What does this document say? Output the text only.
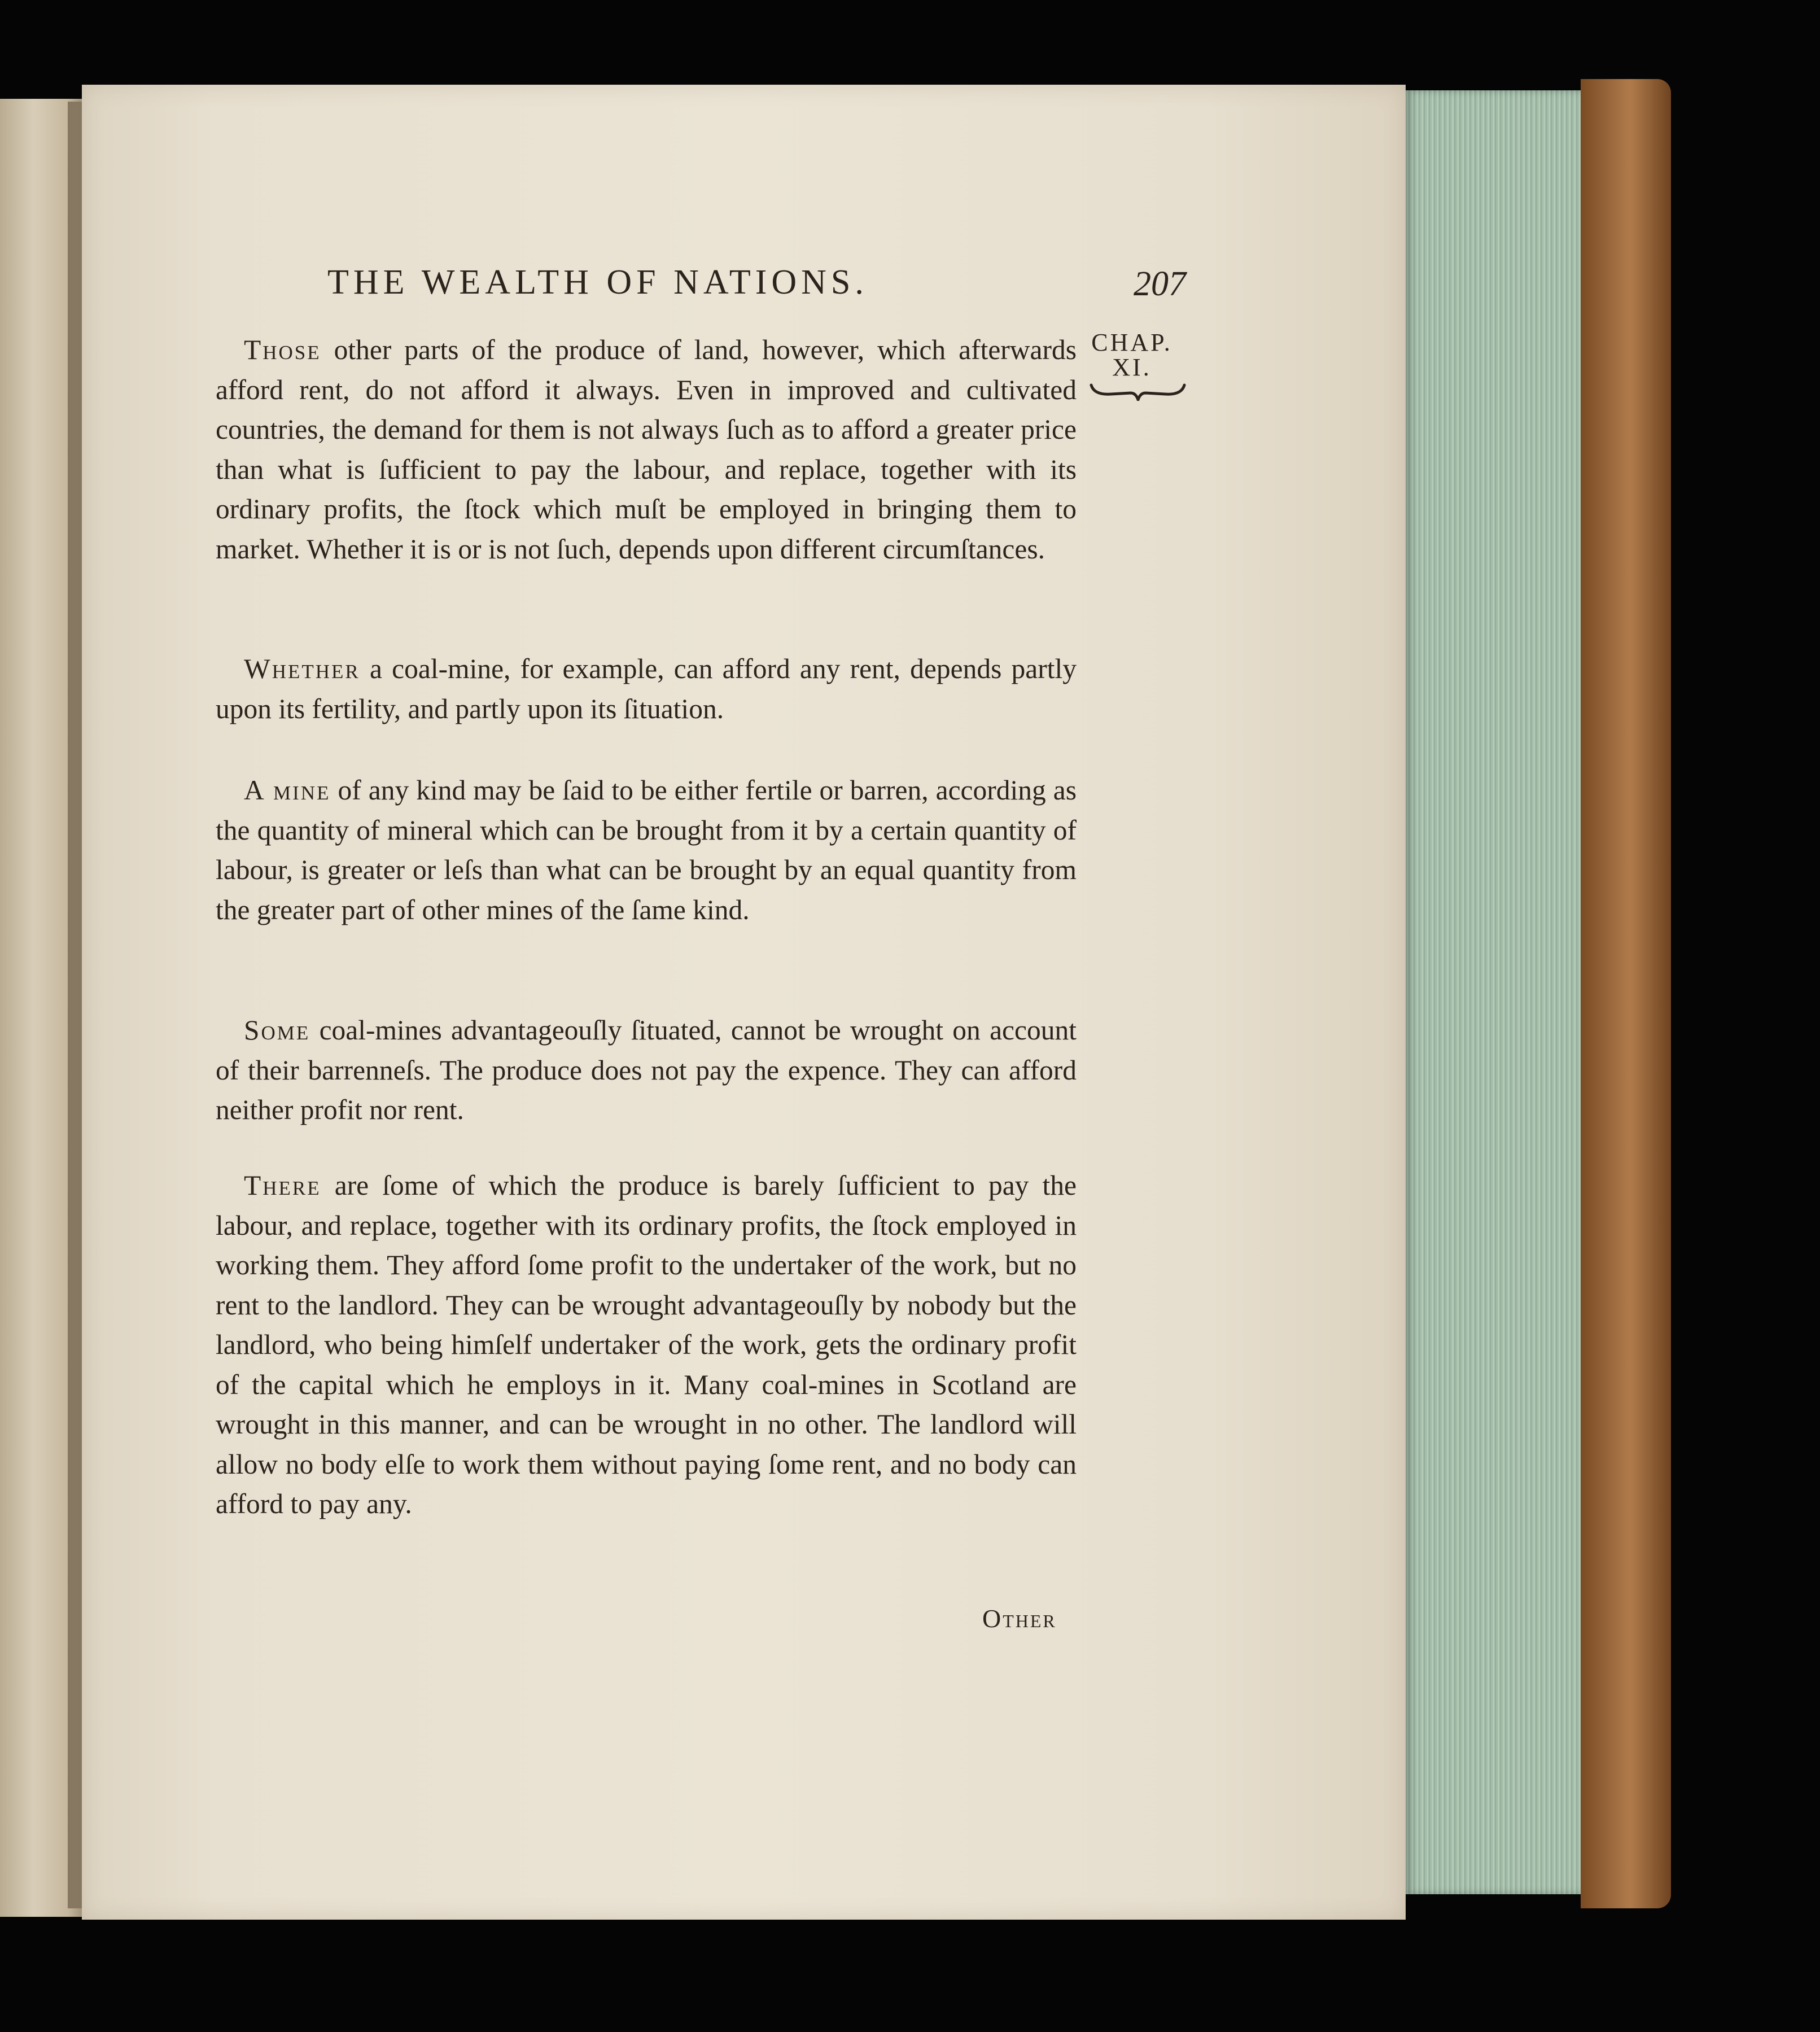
THE WEALTH OF NATIONS.	207
CHAP.
XI.

Those other parts of the produce of land, however, which afterwards afford rent, do not afford it always. Even in improved and cultivated countries, the demand for them is not always ſuch as to afford a greater price than what is ſufficient to pay the labour, and replace, together with its ordinary profits, the ſtock which muſt be employed in bringing them to market. Whether it is or is not ſuch, depends upon different circumſtances.

Whether a coal-mine, for example, can afford any rent, depends partly upon its fertility, and partly upon its ſituation.

A mine of any kind may be ſaid to be either fertile or barren, according as the quantity of mineral which can be brought from it by a certain quantity of labour, is greater or leſs than what can be brought by an equal quantity from the greater part of other mines of the ſame kind.

Some coal-mines advantageouſly ſituated, cannot be wrought on account of their barrenneſs. The produce does not pay the expence. They can afford neither profit nor rent.

There are ſome of which the produce is barely ſufficient to pay the labour, and replace, together with its ordinary profits, the ſtock employed in working them. They afford ſome profit to the undertaker of the work, but no rent to the landlord. They can be wrought advantageouſly by nobody but the landlord, who being himſelf undertaker of the work, gets the ordinary profit of the capital which he employs in it. Many coal-mines in Scotland are wrought in this manner, and can be wrought in no other. The landlord will allow no body elſe to work them without paying ſome rent, and no body can afford to pay any.

Other
